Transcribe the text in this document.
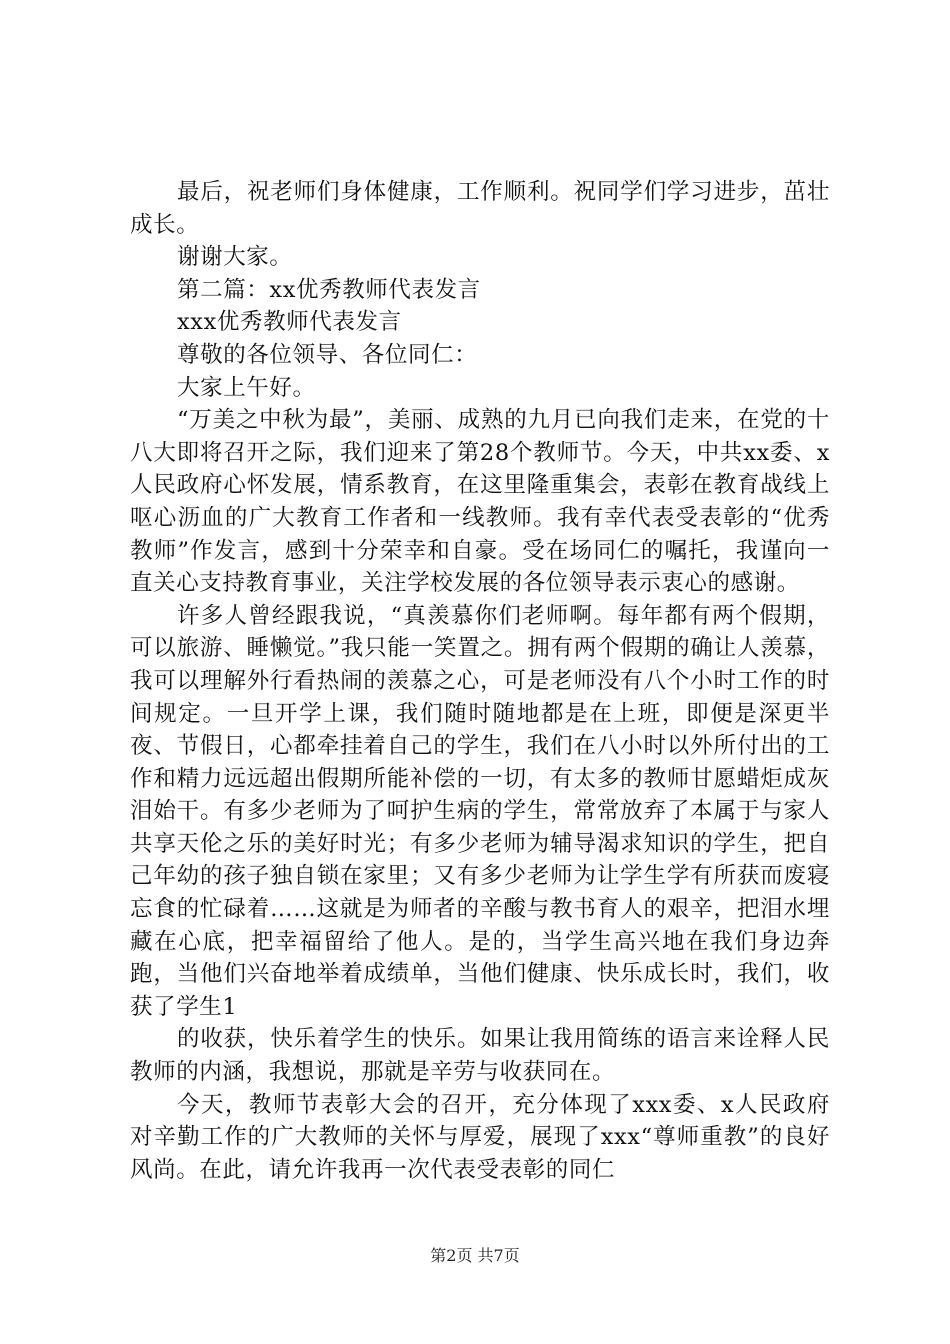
最后，祝老师们身体健康，工作顺利。祝同学们学习进步，茁壮成长。

谢谢大家。

第二篇：xx优秀教师代表发言

xxx优秀教师代表发言

尊敬的各位领导、各位同仁：

大家上午好。

“万美之中秋为最”，美丽、成熟的九月已向我们走来，在党的十八大即将召开之际，我们迎来了第28个教师节。今天，中共xx委、x人民政府心怀发展，情系教育，在这里隆重集会，表彰在教育战线上呕心沥血的广大教育工作者和一线教师。我有幸代表受表彰的“优秀教师”作发言，感到十分荣幸和自豪。受在场同仁的嘱托，我谨向一直关心支持教育事业，关注学校发展的各位领导表示衷心的感谢。

许多人曾经跟我说，“真羡慕你们老师啊。每年都有两个假期，可以旅游、睡懒觉。”我只能一笑置之。拥有两个假期的确让人羡慕，我可以理解外行看热闹的羡慕之心，可是老师没有八个小时工作的时间规定。一旦开学上课，我们随时随地都是在上班，即便是深更半夜、节假日，心都牵挂着自己的学生，我们在八小时以外所付出的工作和精力远远超出假期所能补偿的一切，有太多的教师甘愿蜡炬成灰泪始干。有多少老师为了呵护生病的学生，常常放弃了本属于与家人共享天伦之乐的美好时光；有多少老师为辅导渴求知识的学生，把自己年幼的孩子独自锁在家里；又有多少老师为让学生学有所获而废寝忘食的忙碌着……这就是为师者的辛酸与教书育人的艰辛，把泪水埋藏在心底，把幸福留给了他人。是的，当学生高兴地在我们身边奔跑，当他们兴奋地举着成绩单，当他们健康、快乐成长时，我们，收获了学生1

的收获，快乐着学生的快乐。如果让我用简练的语言来诠释人民教师的内涵，我想说，那就是辛劳与收获同在。

今天，教师节表彰大会的召开，充分体现了xxx委、x人民政府对辛勤工作的广大教师的关怀与厚爱，展现了xxx“尊师重教”的良好风尚。在此，请允许我再一次代表受表彰的同仁

第2页 共7页
